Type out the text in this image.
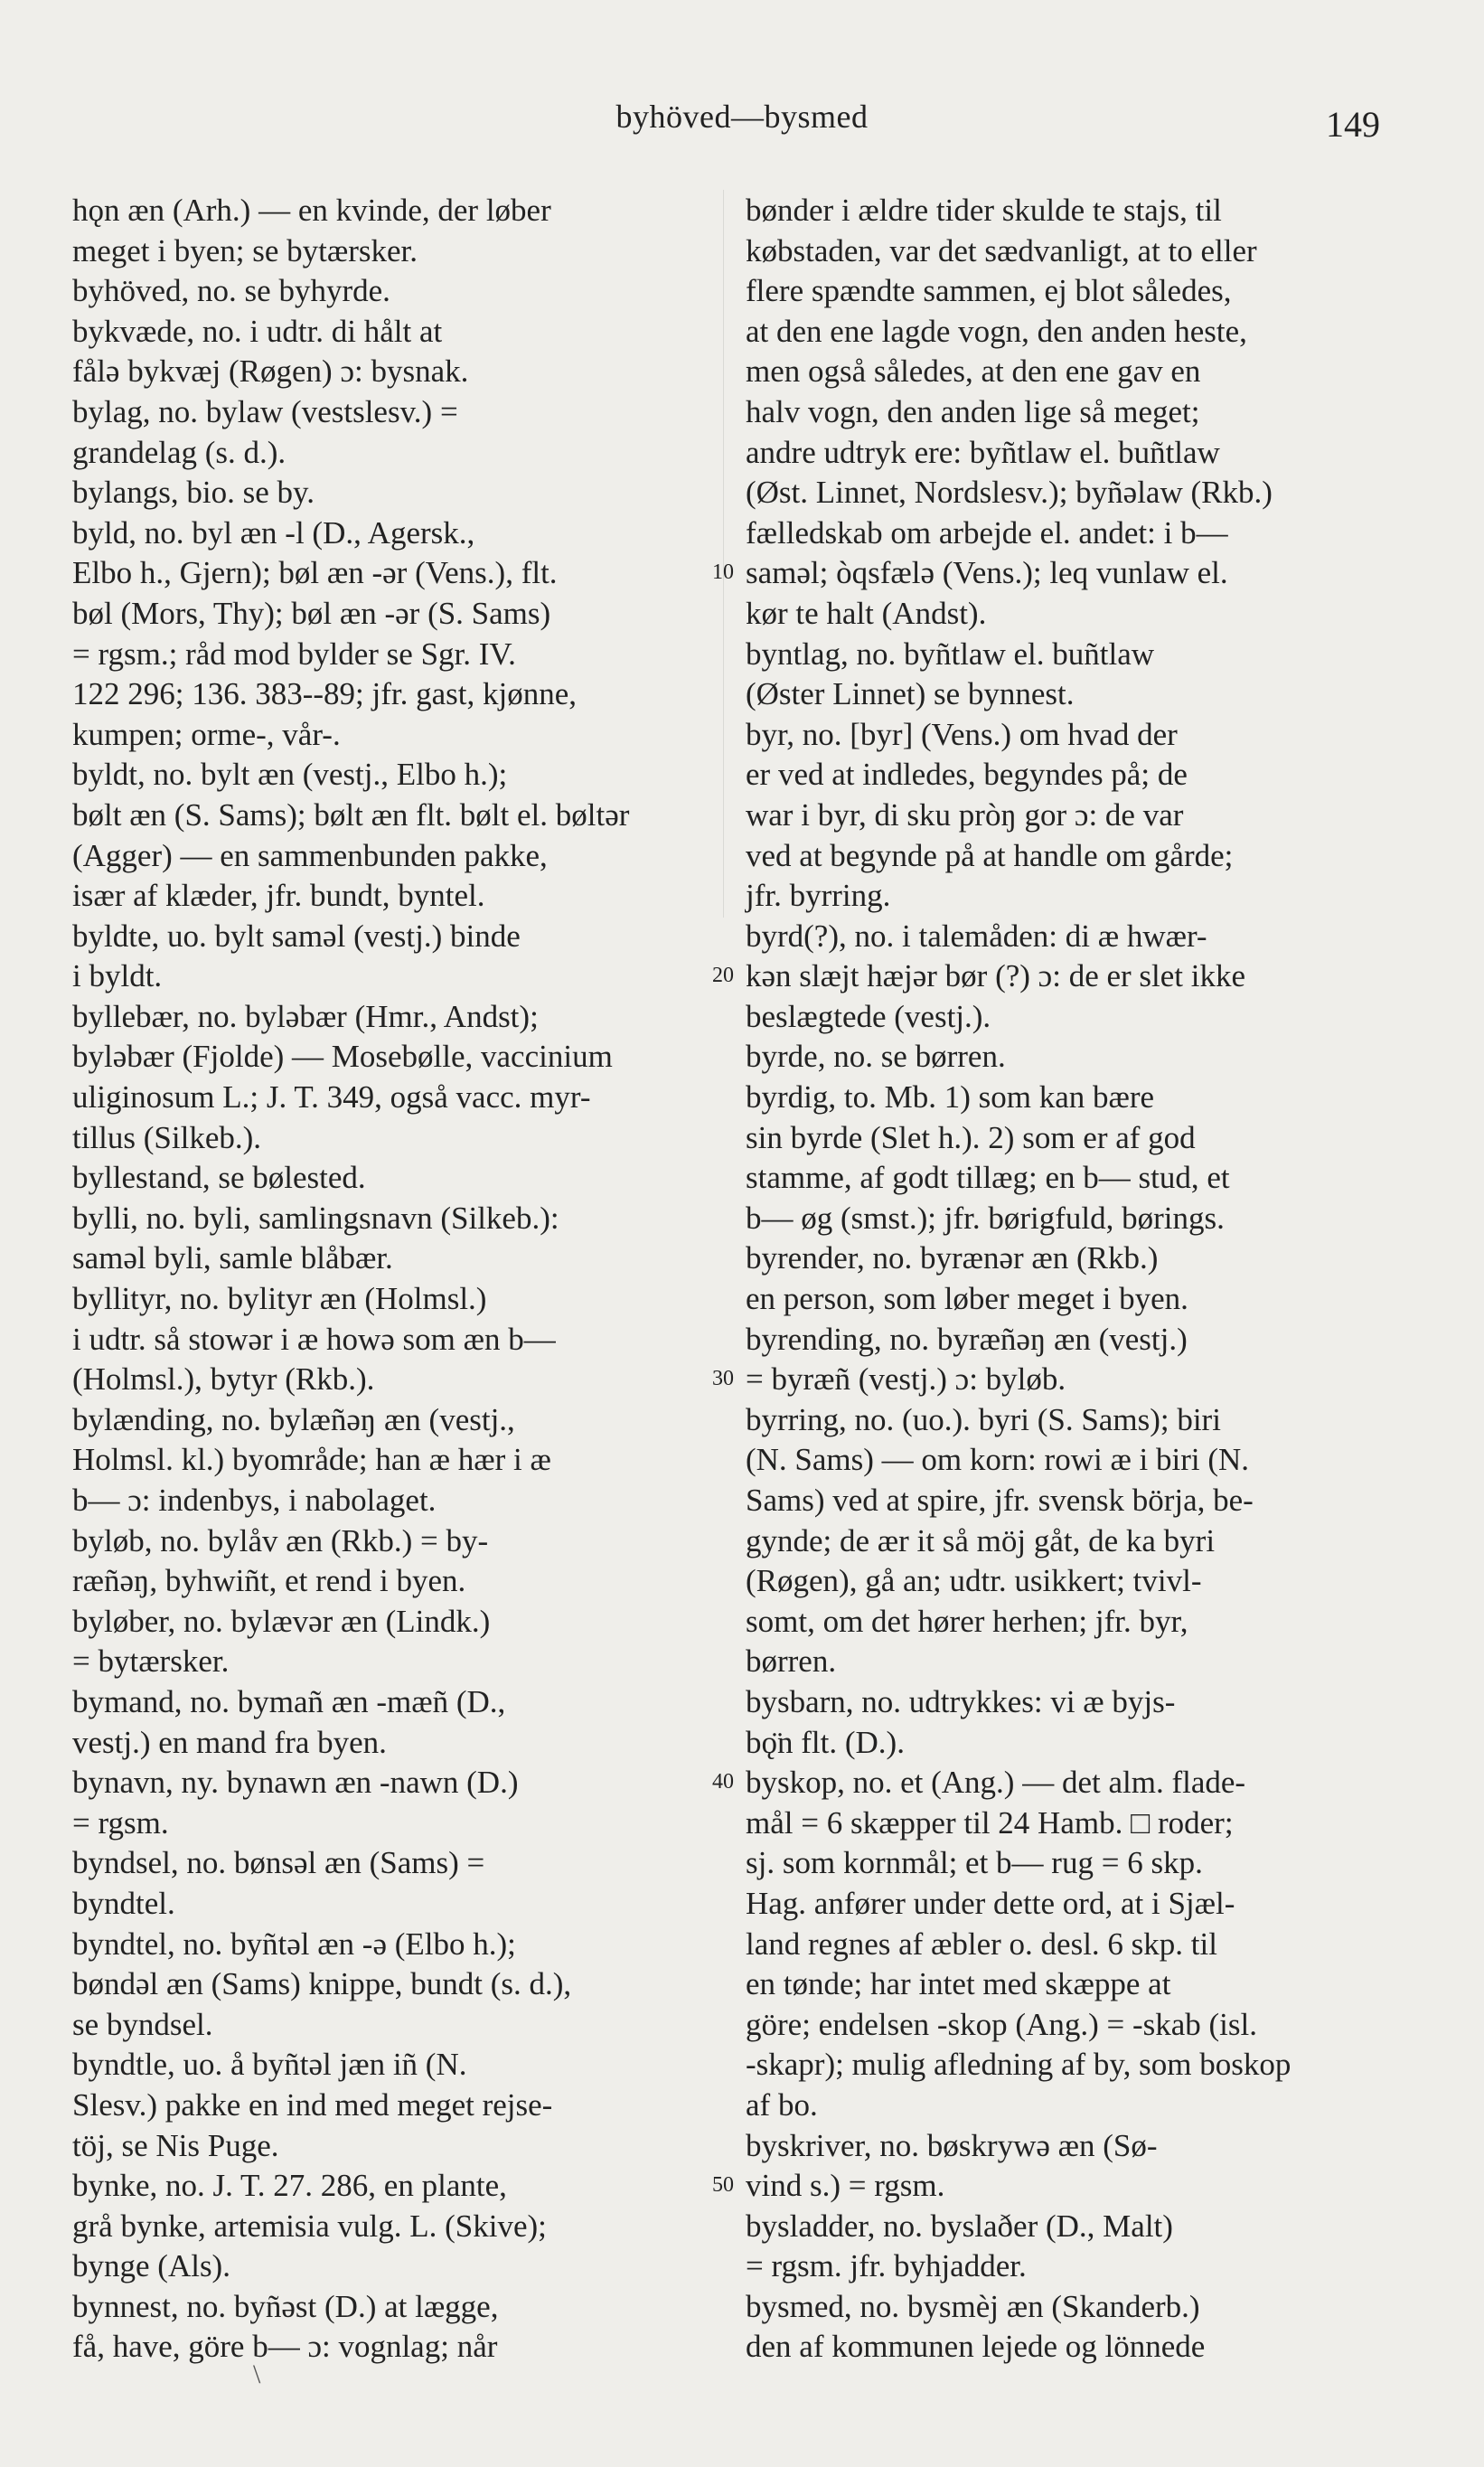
byhöved—bysmed	149
hǫn æn (Arh.) — en kvinde, der løber
meget i byen; se bytærsker.
byhöved, no. se byhyrde.
bykvæde, no. i udtr. di hålt at
fålə bykvæj (Røgen) ɔ: bysnak.
bylag, no. bylaw (vestslesv.) =
grandelag (s. d.).
bylangs, bio. se by.
byld, no. byl æn -l (D., Agersk.,
Elbo h., Gjern); bøl æn -ər (Vens.), flt.
bøl (Mors, Thy); bøl æn -ər (S. Sams)
= rgsm.; råd mod bylder se Sgr. IV.
122 296; 136. 383--89; jfr. gast, kjønne,
kumpen; orme-, vår-.
byldt, no. bylt æn (vestj., Elbo h.);
bølt æn (S. Sams); bølt æn flt. bølt el. bøltər
(Agger) — en sammenbunden pakke,
især af klæder, jfr. bundt, byntel.
byldte, uo. bylt samǝl (vestj.) binde
i byldt.
byllebær, no. byləbær (Hmr., Andst);
byləbær (Fjolde) — Mosebølle, vaccinium
uliginosum L.; J. T. 349, også vacc. myr-
tillus (Silkeb.).
byllestand, se bølested.
bylli, no. byli, samlingsnavn (Silkeb.):
saməl byli, samle blåbær.
byllityr, no. bylityr æn (Holmsl.)
i udtr. så stowər i æ howə som æn b—
(Holmsl.), bytyr (Rkb.).
bylænding, no. bylæñəŋ æn (vestj.,
Holmsl. kl.) byområde; han æ hær i æ
b— ɔ: indenbys, i nabolaget.
byløb, no. bylåv æn (Rkb.) = by-
ræñəŋ, byhwiñt, et rend i byen.
byløber, no. bylævər æn (Lindk.)
= bytærsker.
bymand, no. bymañ æn -mæñ (D.,
vestj.) en mand fra byen.
bynavn, ny. bynawn æn -nawn (D.)
= rgsm.
byndsel, no. bønsəl æn (Sams) =
byndtel.
byndtel, no. byñtəl æn -ə (Elbo h.);
bøndəl æn (Sams) knippe, bundt (s. d.),
se byndsel.
byndtle, uo. å byñtəl jæn iñ (N.
Slesv.) pakke en ind med meget rejse-
töj, se Nis Puge.
bynke, no. J. T. 27. 286, en plante,
grå bynke, artemisia vulg. L. (Skive);
bynge (Als).
bynnest, no. byñəst (D.) at lægge,
få, have, göre b— ɔ: vognlag; når
bønder i ældre tider skulde te stajs, til
købstaden, var det sædvanligt, at to eller
flere spændte sammen, ej blot således,
at den ene lagde vogn, den anden heste,
men også således, at den ene gav en
halv vogn, den anden lige så meget;
andre udtryk ere: byñtlaw el. buñtlaw
(Øst. Linnet, Nordslesv.); byñəlaw (Rkb.)
fælledskab om arbejde el. andet: i b—
saməl; òqsfælə (Vens.); leq vunlaw el.
kør te halt (Andst).
byntlag, no. byñtlaw el. buñtlaw
(Øster Linnet) se bynnest.
byr, no. [byr] (Vens.) om hvad der
er ved at indledes, begyndes på; de
war i byr, di sku pròŋ gor ɔ: de var
ved at begynde på at handle om gårde;
jfr. byrring.
byrd(?), no. i talemåden: di æ hwær-
kən slæjt hæjər bør (?) ɔ: de er slet ikke
beslægtede (vestj.).
byrde, no. se børren.
byrdig, to. Mb. 1) som kan bære
sin byrde (Slet h.). 2) som er af god
stamme, af godt tillæg; en b— stud, et
b— øg (smst.); jfr. børigfuld, børings.
byrender, no. byrænər æn (Rkb.)
en person, som løber meget i byen.
byrending, no. byræñəŋ æn (vestj.)
= byræñ (vestj.) ɔ: byløb.
byrring, no. (uo.). byri (S. Sams); biri
(N. Sams) — om korn: rowi æ i biri (N.
Sams) ved at spire, jfr. svensk börja, be-
gynde; de ær it så möj gåt, de ka byri
(Røgen), gå an; udtr. usikkert; tvivl-
somt, om det hører herhen; jfr. byr,
børren.
bysbarn, no. udtrykkes: vi æ byjs-
bǫ̈n flt. (D.).
byskop, no. et (Ang.) — det alm. flade-
mål = 6 skæpper til 24 Hamb. □ roder;
sj. som kornmål; et b— rug = 6 skp.
Hag. anfører under dette ord, at i Sjæl-
land regnes af æbler o. desl. 6 skp. til
en tønde; har intet med skæppe at
göre; endelsen -skop (Ang.) = -skab (isl.
-skapr); mulig afledning af by, som boskop
af bo.
byskriver, no. bøskrywə æn (Sø-
vind s.) = rgsm.
bysladder, no. byslaðer (D., Malt)
= rgsm. jfr. byhjadder.
bysmed, no. bysmèj æn (Skanderb.)
den af kommunen lejede og lönnede
10
20
30
40
50
\
